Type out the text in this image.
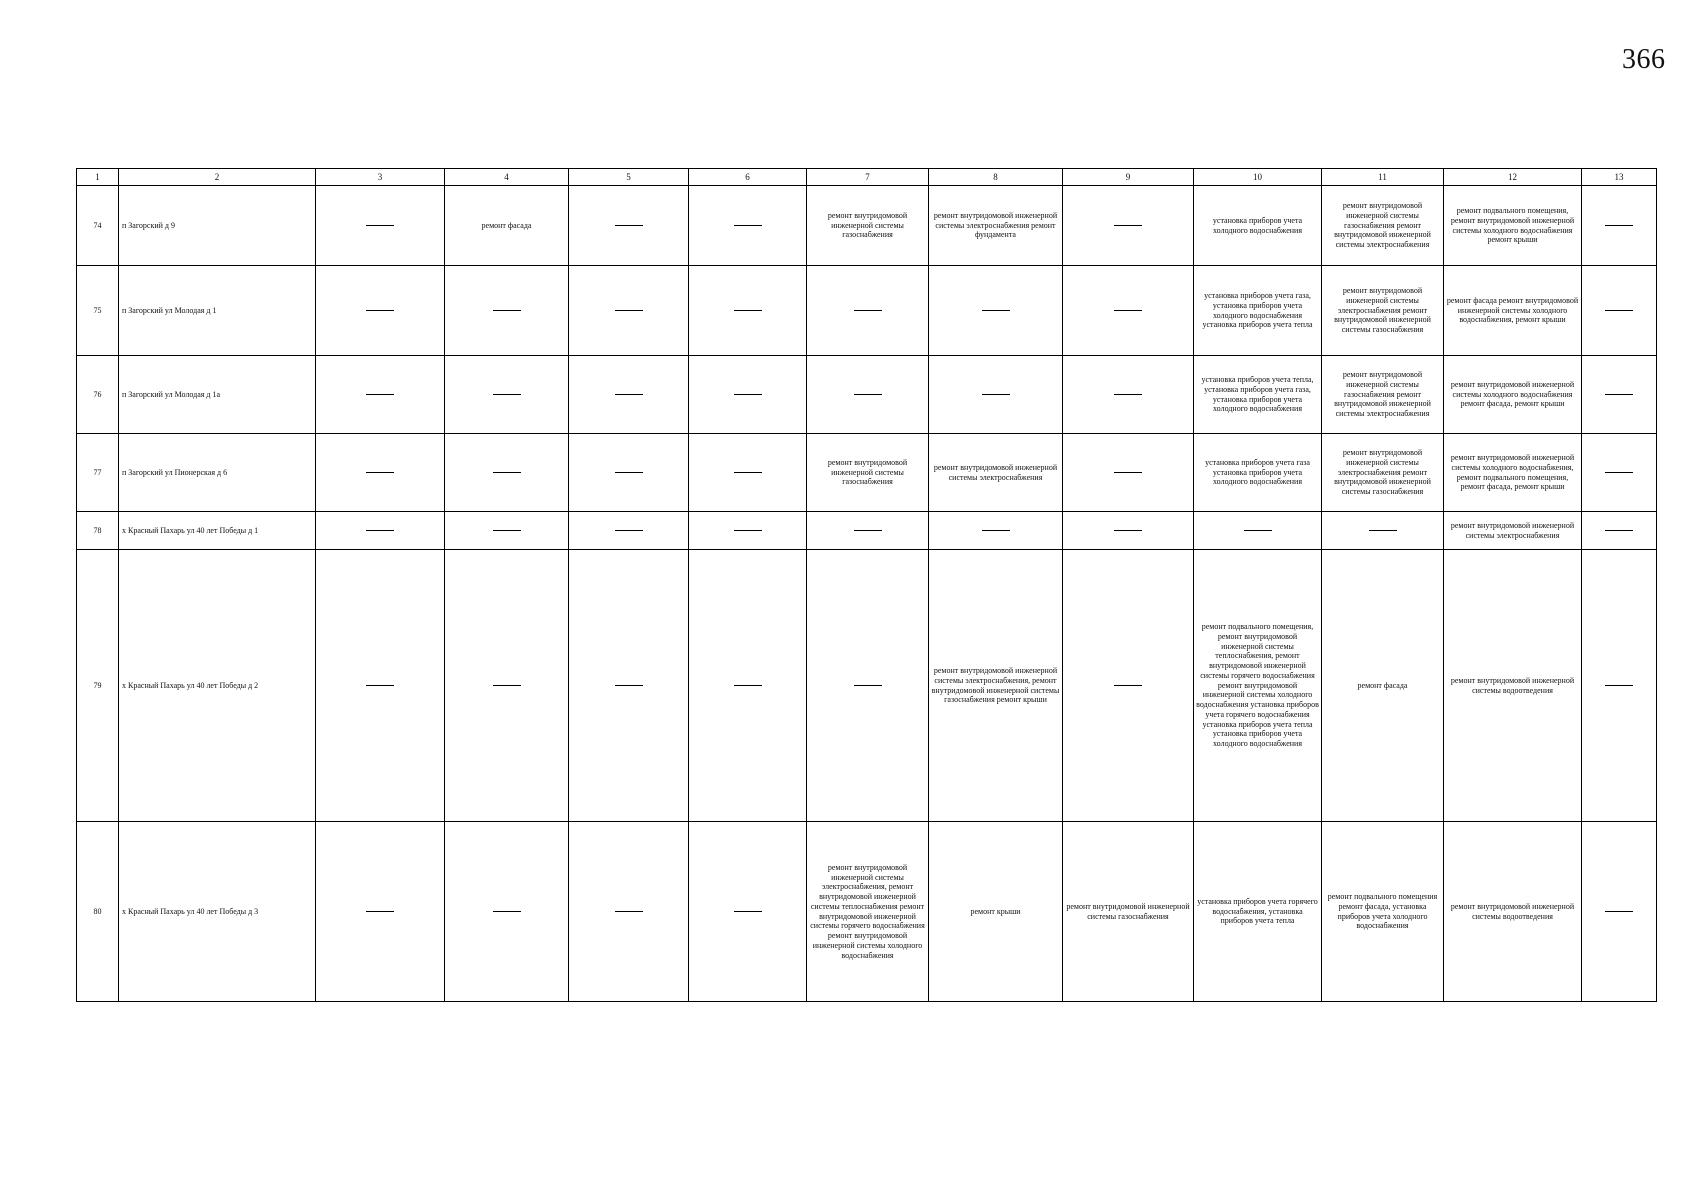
366
1	2	3	4	5	6	7	8	9	10	11	12	13
74	п Загорский д 9		ремонт фасада			ремонт внутридомовой инженерной системы газоснабжения	ремонт внутридомовой инженерной системы электроснабжения ремонт фундамента		установка приборов учета холодного водоснабжения	ремонт внутридомовой инженерной системы газоснабжения ремонт внутридомовой инженерной системы электроснабжения	ремонт подвального помещения, ремонт внутридомовой инженерной системы холодного водоснабжения ремонт крыши	
75	п Загорский ул Молодая д 1								установка приборов учета газа, установка приборов учета холодного водоснабжения установка приборов учета тепла	ремонт внутридомовой инженерной системы электроснабжения ремонт внутридомовой инженерной системы газоснабжения	ремонт фасада ремонт внутридомовой инженерной системы холодного водоснабжения, ремонт крыши	
76	п Загорский ул Молодая д 1а								установка приборов учета тепла, установка приборов учета газа, установка приборов учета холодного водоснабжения	ремонт внутридомовой инженерной системы газоснабжения ремонт внутридомовой инженерной системы электроснабжения	ремонт внутридомовой инженерной системы холодного водоснабжения ремонт фасада, ремонт крыши	
77	п Загорский ул Пионерская д 6					ремонт внутридомовой инженерной системы газоснабжения	ремонт внутридомовой инженерной системы электроснабжения		установка приборов учета газа установка приборов учета холодного водоснабжения	ремонт внутридомовой инженерной системы электроснабжения ремонт внутридомовой инженерной системы газоснабжения	ремонт внутридомовой инженерной системы холодного водоснабжения, ремонт подвального помещения, ремонт фасада, ремонт крыши	
78	х Красный Пахарь ул 40 лет Победы д 1										ремонт внутридомовой инженерной системы электроснабжения	
79	х Красный Пахарь ул 40 лет Победы д 2						ремонт внутридомовой инженерной системы электроснабжения, ремонт внутридомовой инженерной системы газоснабжения ремонт крыши		ремонт подвального помещения, ремонт внутридомовой инженерной системы теплоснабжения, ремонт внутридомовой инженерной системы горячего водоснабжения ремонт внутридомовой инженерной системы холодного водоснабжения установка приборов учета горячего водоснабжения установка приборов учета тепла установка приборов учета холодного водоснабжения	ремонт фасада	ремонт внутридомовой инженерной системы водоотведения	
80	х Красный Пахарь ул 40 лет Победы д 3					ремонт внутридомовой инженерной системы электроснабжения, ремонт внутридомовой инженерной системы теплоснабжения ремонт внутридомовой инженерной системы горячего водоснабжения ремонт внутридомовой инженерной системы холодного водоснабжения	ремонт крыши	ремонт внутридомовой инженерной системы газоснабжения	установка приборов учета горячего водоснабжения, установка приборов учета тепла	ремонт подвального помещения ремонт фасада, установка приборов учета холодного водоснабжения	ремонт внутридомовой инженерной системы водоотведения	
